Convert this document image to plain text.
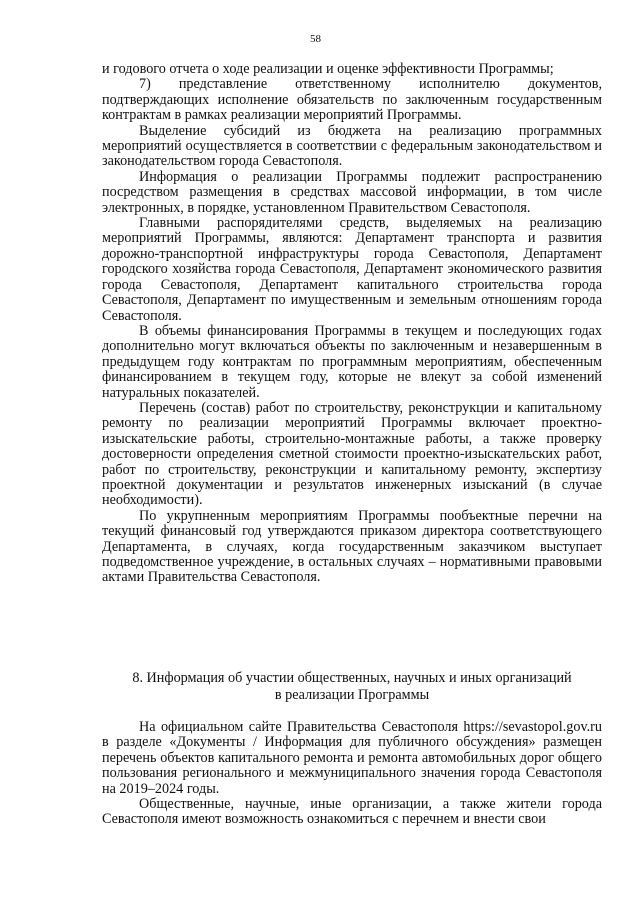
58

и годового отчета о ходе реализации и оценке эффективности Программы;

7) представление ответственному исполнителю документов, подтверждающих исполнение обязательств по заключенным государственным контрактам в рамках реализации мероприятий Программы.

Выделение субсидий из бюджета на реализацию программных мероприятий осуществляется в соответствии с федеральным законодательством и законодательством города Севастополя.

Информация о реализации Программы подлежит распространению посредством размещения в средствах массовой информации, в том числе электронных, в порядке, установленном Правительством Севастополя.

Главными распорядителями средств, выделяемых на реализацию мероприятий Программы, являются: Департамент транспорта и развития дорожно-транспортной инфраструктуры города Севастополя, Департамент городского хозяйства города Севастополя, Департамент экономического развития города Севастополя, Департамент капитального строительства города Севастополя, Департамент по имущественным и земельным отношениям города Севастополя.

В объемы финансирования Программы в текущем и последующих годах дополнительно могут включаться объекты по заключенным и незавершенным в предыдущем году контрактам по программным мероприятиям, обеспеченным финансированием в текущем году, которые не влекут за собой изменений натуральных показателей.

Перечень (состав) работ по строительству, реконструкции и капитальному ремонту по реализации мероприятий Программы включает проектно-изыскательские работы, строительно-монтажные работы, а также проверку достоверности определения сметной стоимости проектно-изыскательских работ, работ по строительству, реконструкции и капитальному ремонту, экспертизу проектной документации и результатов инженерных изысканий (в случае необходимости).

По укрупненным мероприятиям Программы пообъектные перечни на текущий финансовый год утверждаются приказом директора соответствующего Департамента, в случаях, когда государственным заказчиком выступает подведомственное учреждение, в остальных случаях – нормативными правовыми актами Правительства Севастополя.

8. Информация об участии общественных, научных и иных организаций
в реализации Программы

На официальном сайте Правительства Севастополя https://sevastopol.gov.ru в разделе «Документы / Информация для публичного обсуждения» размещен перечень объектов капитального ремонта и ремонта автомобильных дорог общего пользования регионального и межмуниципального значения города Севастополя на 2019–2024 годы.

Общественные, научные, иные организации, а также жители города Севастополя имеют возможность ознакомиться с перечнем и внести свои
